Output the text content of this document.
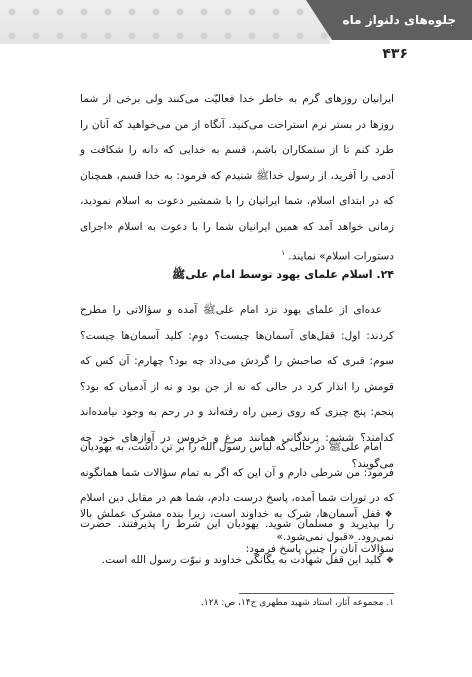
جلوه‌های دلنواز ماه
۴۳۶

ایرانیان روزهای گرم به خاطر خدا فعالیّت می‌کنند ولی برخی از شما روزها در بستر نرم استراحت می‌کنید. آنگاه از من می‌خواهید که آنان را طرد کنم تا از ستمکاران باشم، قسم به خدایی که دانه را شکافت و آدمی را آفرید، از رسول خداﷺ شنیدم که فرمود: به خدا قسم، همچنان که در ابتدای اسلام، شما ایرانیان را با شمشیر دعوت به اسلام نمودید، زمانی خواهد آمد که همین ایرانیان شما را با دعوت به اسلام «اجرای دستورات اسلام» نمایند. $^۱$

۲۴. اسلام علمای یهود توسط امام علیﷺ

عده‌ای از علمای یهود نزد امام علیﷺ آمده و سؤالاتی را مطرح کردند: اول: قفل‌های آسمان‌ها چیست؟ دوم: کلید آسمان‌ها چیست؟ سوم: قبری که صاحبش را گردش می‌داد چه بود؟ چهارم: آن کس که قومش را انذار کرد در حالی که نه از جن بود و نه از آدمیان که بود؟ پنجم: پنج چیزی که روی زمین راه رفته‌اند و در رحم به وجود نیامده‌اند کدامند؟ ششم: پرندگانی همانند مرغ و خروس در آوازهای خود چه می‌گویند؟

امام علیﷺ در حالی که لباس رسول الله را بر تن داشت، به یهودیان فرمود: من شرطی دارم و آن این که اگر به تمام سؤالات شما همانگونه که در تورات شما آمده، پاسخ درست دادم، شما هم در مقابل دین اسلام را بپذیرید و مسلمان شوید. یهودیان این شرط را پذیرفتند. حضرت سؤالات آنان را چنین پاسخ فرمود:

❖قفل آسمان‌ها، شرک به خداوند است، زیرا بنده مشرک عملش بالا نمی‌رود. «قبول نمی‌شود.»
❖کلید این قفل شهادت به یگانگی خداوند و نبوّت رسول الله است.
۱. مجموعه آثار، استاد شهید مطهری ج۱۴، ص: ۱۲۸.
